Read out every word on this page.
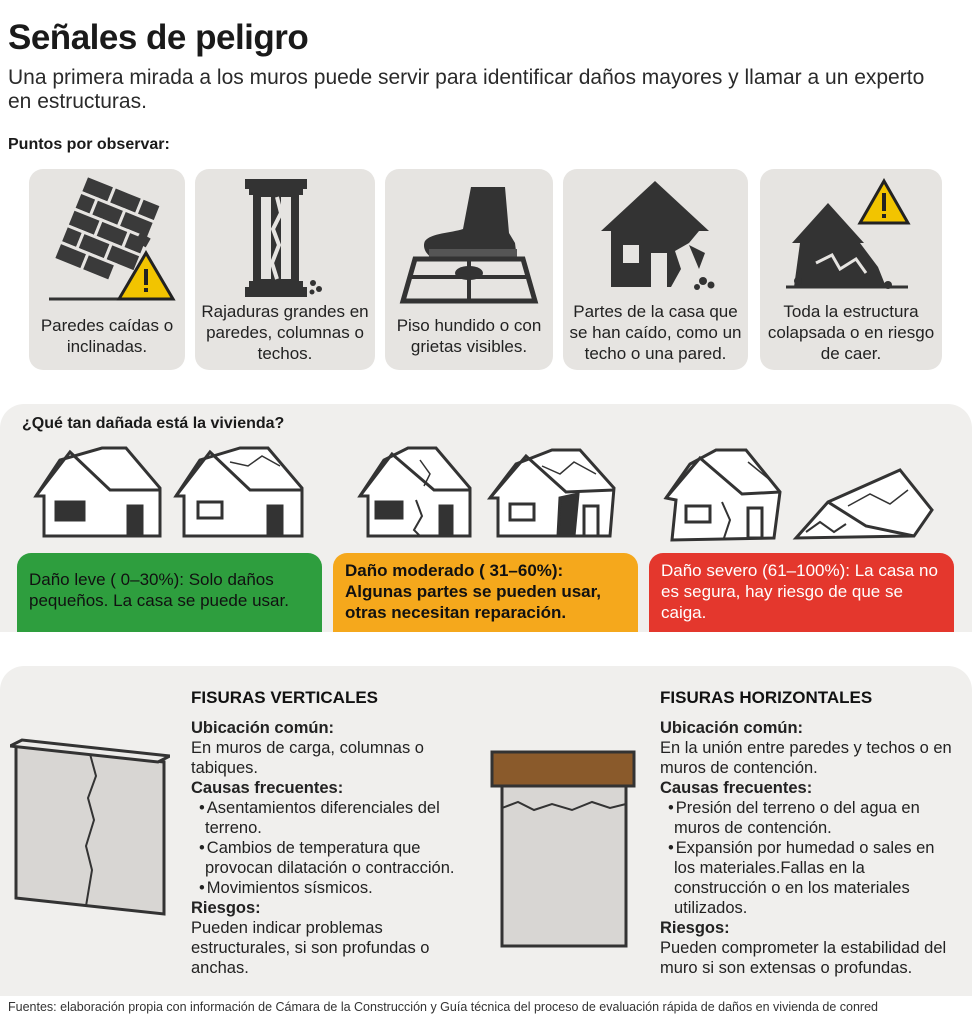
Señales de peligro
Una primera mirada a los muros puede servir para identificar daños mayores y llamar a un experto en estructuras.
Puntos por observar:
Paredes caídas o inclinadas.
Rajaduras grandes en paredes, columnas o techos.
Piso hundido o con grietas visibles.
Partes de la casa que se han caído, como un techo o una pared.
Toda la estructura colapsada o en riesgo de caer.
¿Qué tan dañada está la vivienda?
Daño leve ( 0–30%): Solo daños pequeños. La casa se puede usar.
Daño moderado ( 31–60%): Algunas partes se pueden usar, otras necesitan reparación.
Daño severo (61–100%): La casa no es segura, hay riesgo de que se caiga.
FISURAS VERTICALES
Ubicación común:
En muros de carga, columnas o tabiques.
Causas frecuentes:
• Asentamientos diferenciales del terreno.
• Cambios de temperatura que provocan dilatación o contracción.
• Movimientos sísmicos.
Riesgos:
Pueden indicar problemas estructurales, si son profundas o anchas.
FISURAS HORIZONTALES
Ubicación común:
En la unión entre paredes y techos o en muros de contención.
Causas frecuentes:
• Presión del terreno o del agua en muros de contención.
• Expansión por humedad o sales en los materiales.Fallas en la construcción o en los materiales utilizados.
Riesgos:
Pueden comprometer la estabilidad del muro si son extensas o profundas.
Fuentes: elaboración propia con información de Cámara de la Construcción y Guía técnica del proceso de evaluación rápida de daños en vivienda de conred
